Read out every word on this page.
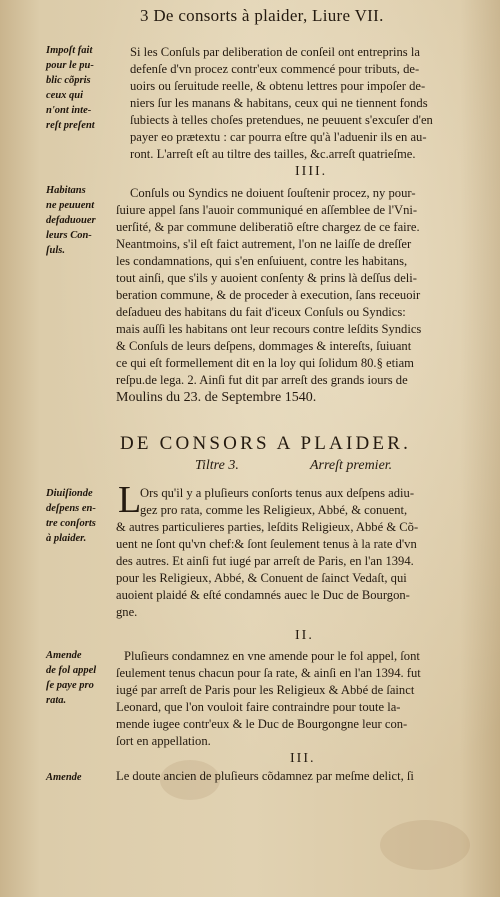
3 De consorts à plaider, Liure VII.
Impoſt fait
pour le pu-
blic cõpris
ceux qui
n'ont inte-
reſt preſent
Si les Conſuls par deliberation de conſeil ont entreprins la
defenſe d'vn procez contr'eux commencé pour tributs, de-
uoirs ou ſeruitude reelle, & obtenu lettres pour impoſer de-
niers ſur les manans & habitans, ceux qui ne tiennent fonds
ſubiects à telles choſes pretendues, ne peuuent s'excuſer d'en
payer eo prætextu : car pourra eſtre qu'à l'aduenir ils en au-
ront. L'arreſt eſt au tiltre des tailles, &c.arreſt quatrieſme.
IIII.
Habitans
ne peuuent
defaduouer
leurs Con-
ſuls.
Conſuls ou Syndics ne doiuent ſouſtenir procez, ny pour-
ſuiure appel ſans l'auoir communiqué en aſſemblee de l'Vni-
uerſité, & par commune deliberatiõ eſtre chargez de ce faire.
Neantmoins, s'il eſt faict autrement, l'on ne laiſſe de dreſſer
les condamnations, qui s'en enſuiuent, contre les habitans,
tout ainſi, que s'ils y auoient conſenty & prins là deſſus deli-
beration commune, & de proceder à execution, ſans receuoir
deſadueu des habitans du fait d'iceux Conſuls ou Syndics:
mais auſſi les habitans ont leur recours contre leſdits Syndics
& Conſuls de leurs deſpens, dommages & intereſts, ſuiuant
ce qui eſt formellement dit en la loy qui ſolidum 80.§ etiam
reſpu.de lega. 2. Ainſi fut dit par arreſt des grands iours de
Moulins du 23. de Septembre 1540.
DE CONSORS A PLAIDER.
Tiltre 3.	Arreſt premier.
Diuiſionde
deſpens en-
tre conſorts
à plaider.
L
Ors qu'il y a pluſieurs conſorts tenus aux deſpens adiu-
gez pro rata, comme les Religieux, Abbé, & conuent,
& autres particulieres parties, leſdits Religieux, Abbé & Cõ-
uent ne ſont qu'vn chef:& ſont ſeulement tenus à la rate d'vn
des autres. Et ainſi fut iugé par arreſt de Paris, en l'an 1394.
pour les Religieux, Abbé, & Conuent de ſainct Vedaſt, qui
auoient plaidé & eſté condamnés auec le Duc de Bourgon-
gne.
II.
Amende
de fol appel
ſe paye pro
rata.
Pluſieurs condamnez en vne amende pour le fol appel, ſont
ſeulement tenus chacun pour ſa rate, & ainſi en l'an 1394. fut
iugé par arreſt de Paris pour les Religieux & Abbé de ſainct
Leonard, que l'on vouloit faire contraindre pour toute la-
mende iugee contr'eux & le Duc de Bourgongne leur con-
ſort en appellation.
III.
Amende	Le doute ancien de pluſieurs cõdamnez par meſme delict, ſi
